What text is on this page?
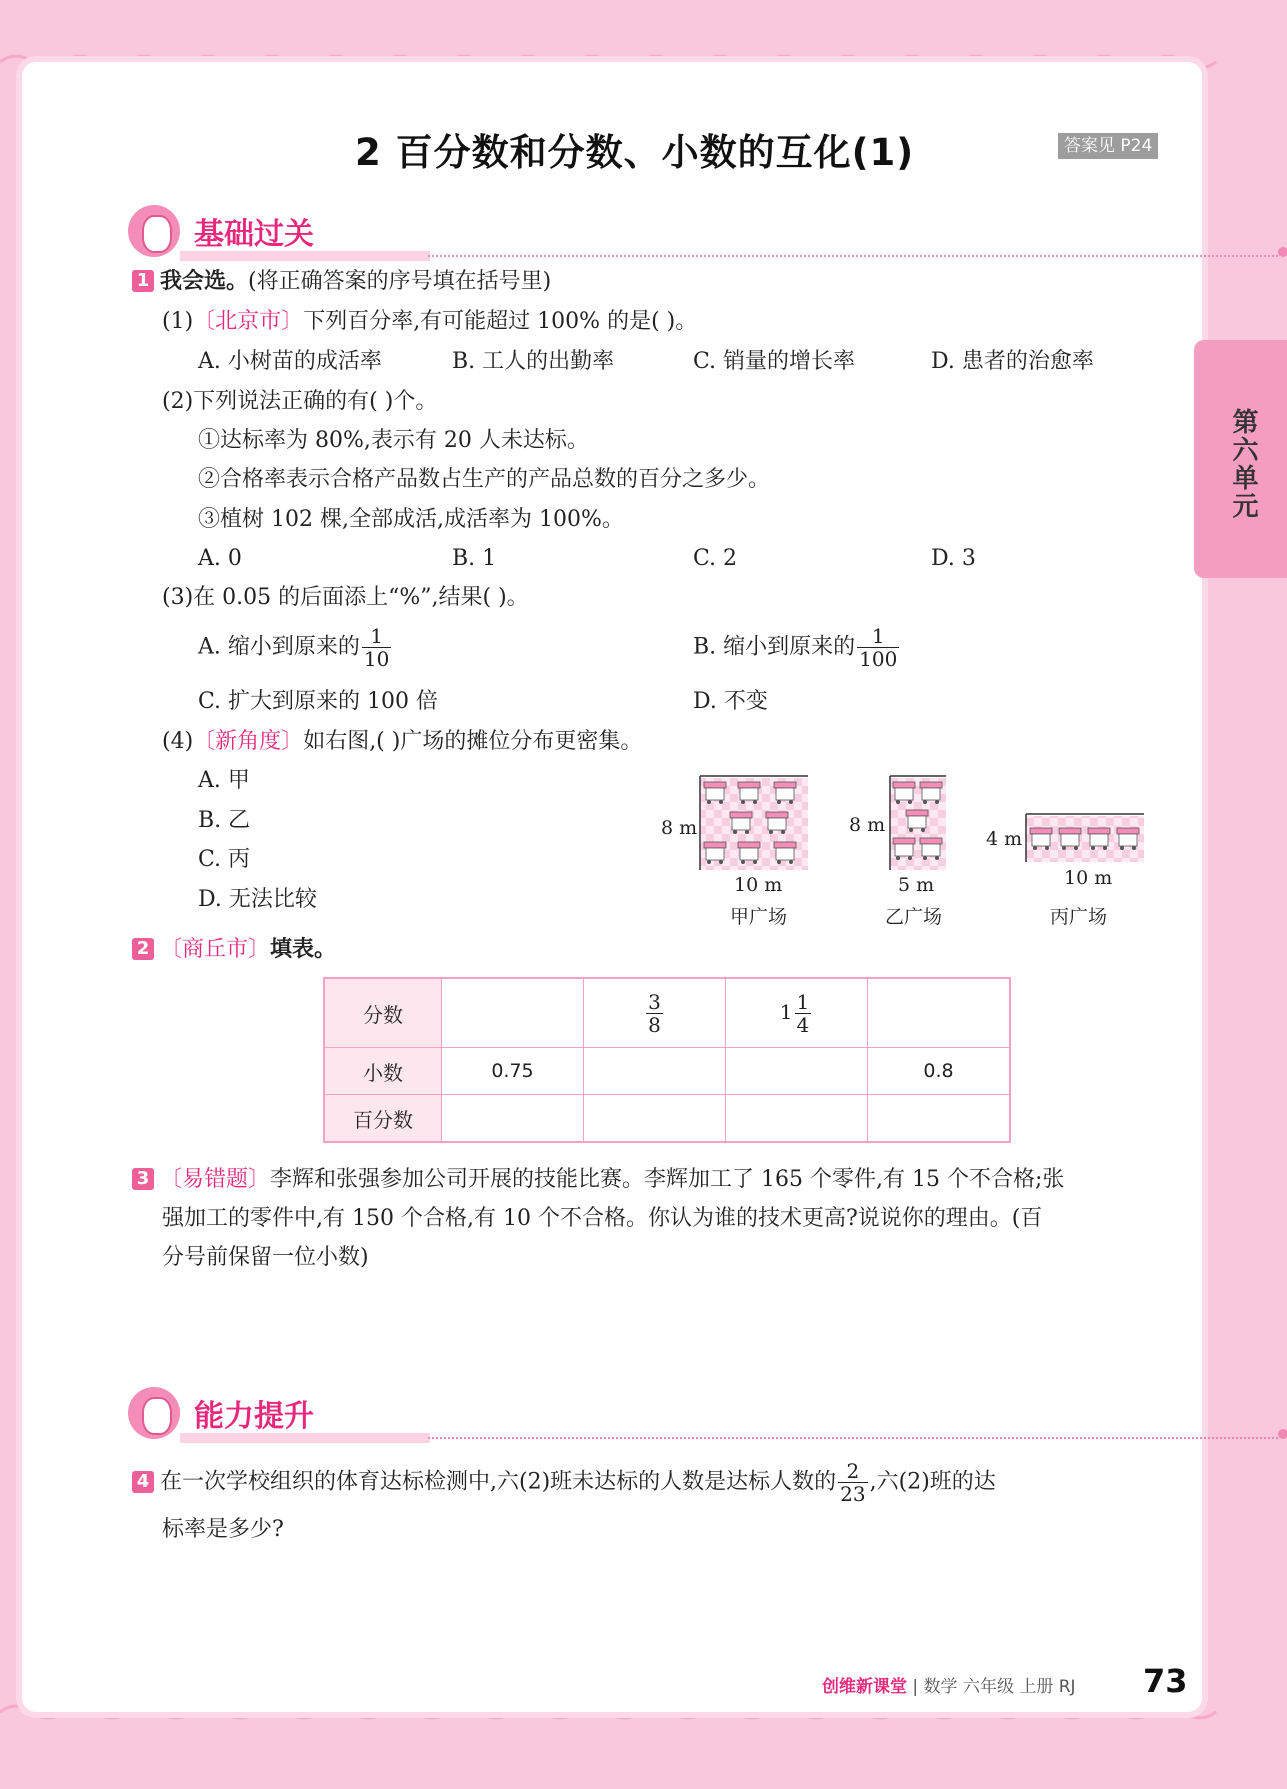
第六单元
2 百分数和分数、小数的互化(1)	答案见 P24
基础过关
1 我会选。(将正确答案的序号填在括号里)
(1)〔北京市〕下列百分率,有可能超过 100% 的是( )。
A. 小树苗的成活率	B. 工人的出勤率	C. 销量的增长率	D. 患者的治愈率
(2)下列说法正确的有( )个。
①达标率为 80%,表示有 20 人未达标。
②合格率表示合格产品数占生产的产品总数的百分之多少。
③植树 102 棵,全部成活,成活率为 100%。
A. 0	B. 1	C. 2	D. 3
(3)在 0.05 的后面添上“%”,结果( )。
A. 缩小到原来的 $\frac{1}{10}$	B. 缩小到原来的 $\frac{1}{100}$
C. 扩大到原来的 100 倍	D. 不变
(4)〔新角度〕如右图,( )广场的摊位分布更密集。
A. 甲
B. 乙
C. 丙
D. 无法比较
8 m
10 m
甲广场
8 m
5 m
乙广场
4 m
10 m
丙广场
2 〔商丘市〕填表。
分数		$\frac{3}{8}$	$1 \frac{1}{4}$

小数	0.75			0.8
百分数				
3 〔易错题〕李辉和张强参加公司开展的技能比赛。李辉加工了 165 个零件,有 15 个不合格;张
强加工的零件中,有 150 个合格,有 10 个不合格。你认为谁的技术更高?说说你的理由。(百
分号前保留一位小数)
能力提升
4 在一次学校组织的体育达标检测中,六(2)班未达标的人数是达标人数的 $\frac{2}{23}$ ,六(2)班的达
标率是多少?
创维新课堂 | 数学 六年级 上册 RJ 73
